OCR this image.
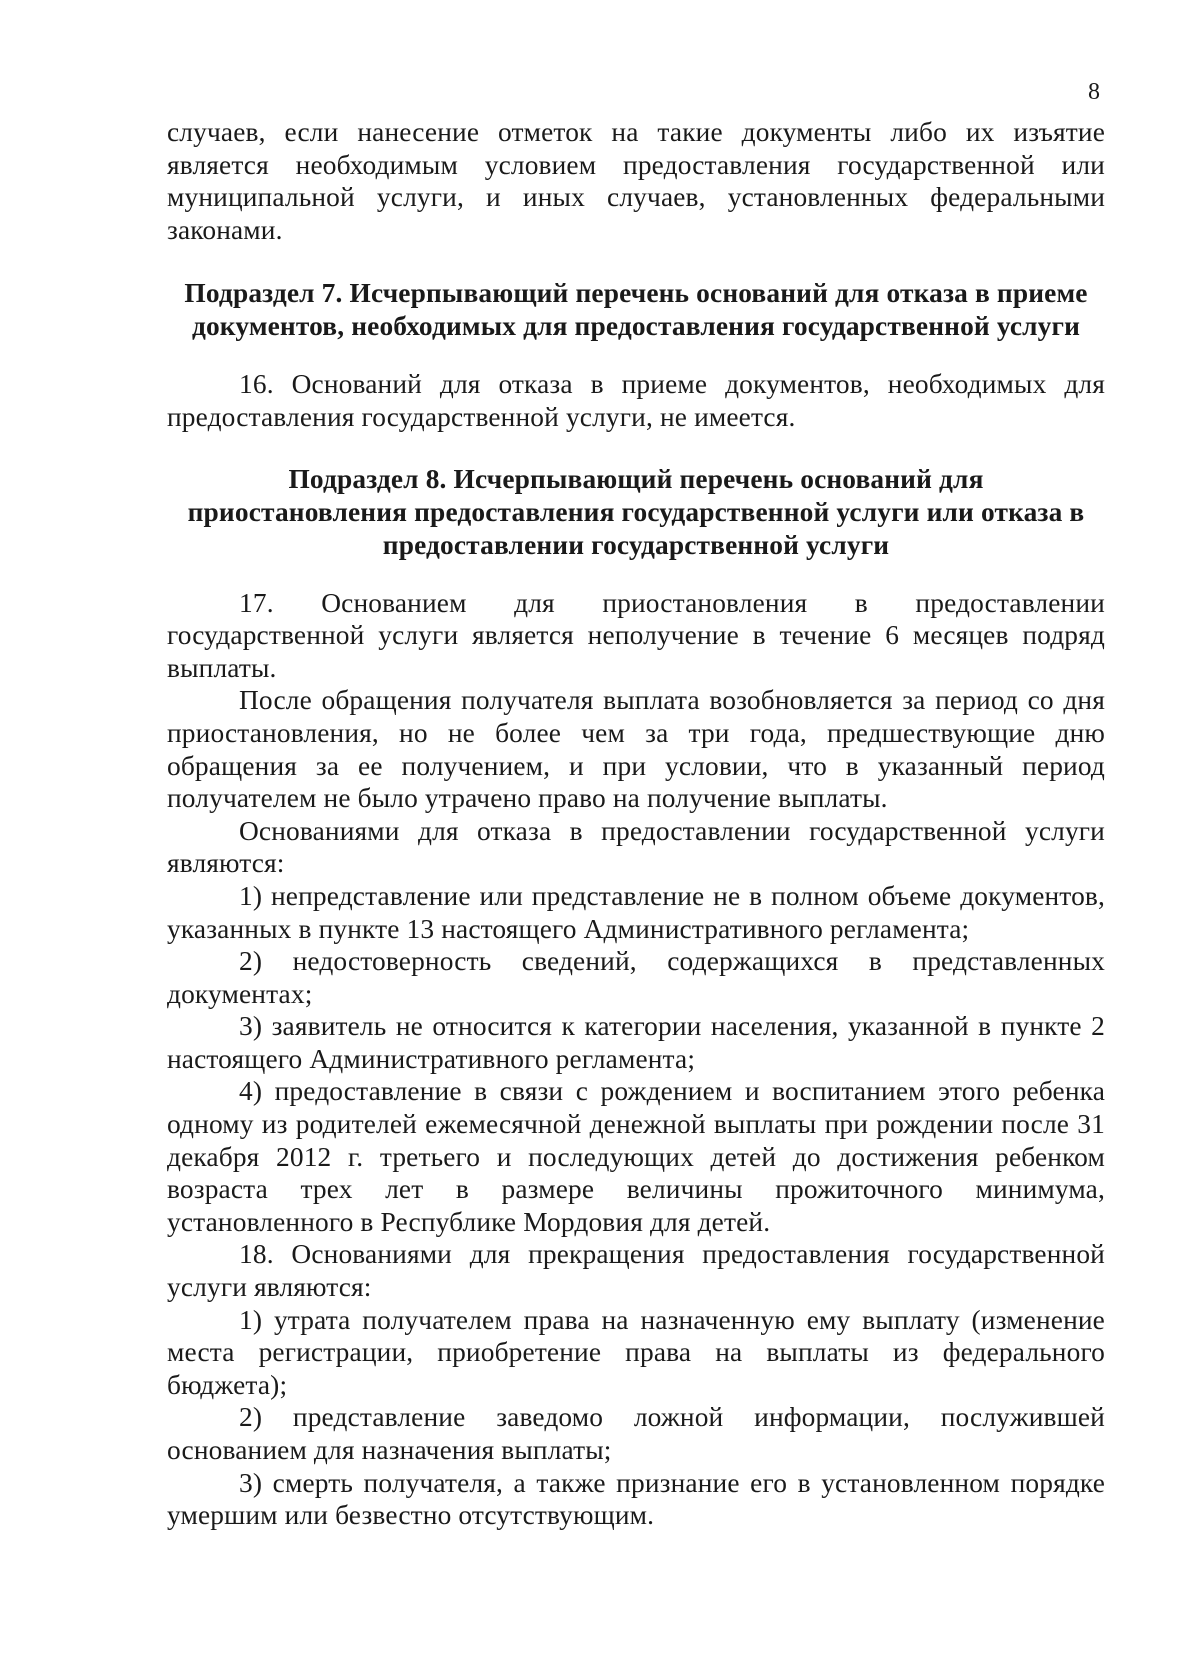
8

случаев, если нанесение отметок на такие документы либо их изъятие является необходимым условием предоставления государственной или муниципальной услуги, и иных случаев, установленных федеральными законами.

Подраздел 7. Исчерпывающий перечень оснований для отказа в приеме
документов, необходимых для предоставления государственной услуги

16. Оснований для отказа в приеме документов, необходимых для предоставления государственной услуги, не имеется.

Подраздел 8. Исчерпывающий перечень оснований для
приостановления предоставления государственной услуги или отказа в
предоставлении государственной услуги

17. Основанием для приостановления в предоставлении государственной услуги является неполучение в течение 6 месяцев подряд выплаты.

После обращения получателя выплата возобновляется за период со дня приостановления, но не более чем за три года, предшествующие дню обращения за ее получением, и при условии, что в указанный период получателем не было утрачено право на получение выплаты.

Основаниями для отказа в предоставлении государственной услуги являются:

1) непредставление или представление не в полном объеме документов, указанных в пункте 13 настоящего Административного регламента;

2) недостоверность сведений, содержащихся в представленных документах;

3) заявитель не относится к категории населения, указанной в пункте 2 настоящего Административного регламента;

4) предоставление в связи с рождением и воспитанием этого ребенка одному из родителей ежемесячной денежной выплаты при рождении после 31 декабря 2012 г. третьего и последующих детей до достижения ребенком возраста трех лет в размере величины прожиточного минимума, установленного в Республике Мордовия для детей.

18. Основаниями для прекращения предоставления государственной услуги являются:

1) утрата получателем права на назначенную ему выплату (изменение места регистрации, приобретение права на выплаты из федерального бюджета);

2) представление заведомо ложной информации, послужившей основанием для назначения выплаты;

3) смерть получателя, а также признание его в установленном порядке умершим или безвестно отсутствующим.
